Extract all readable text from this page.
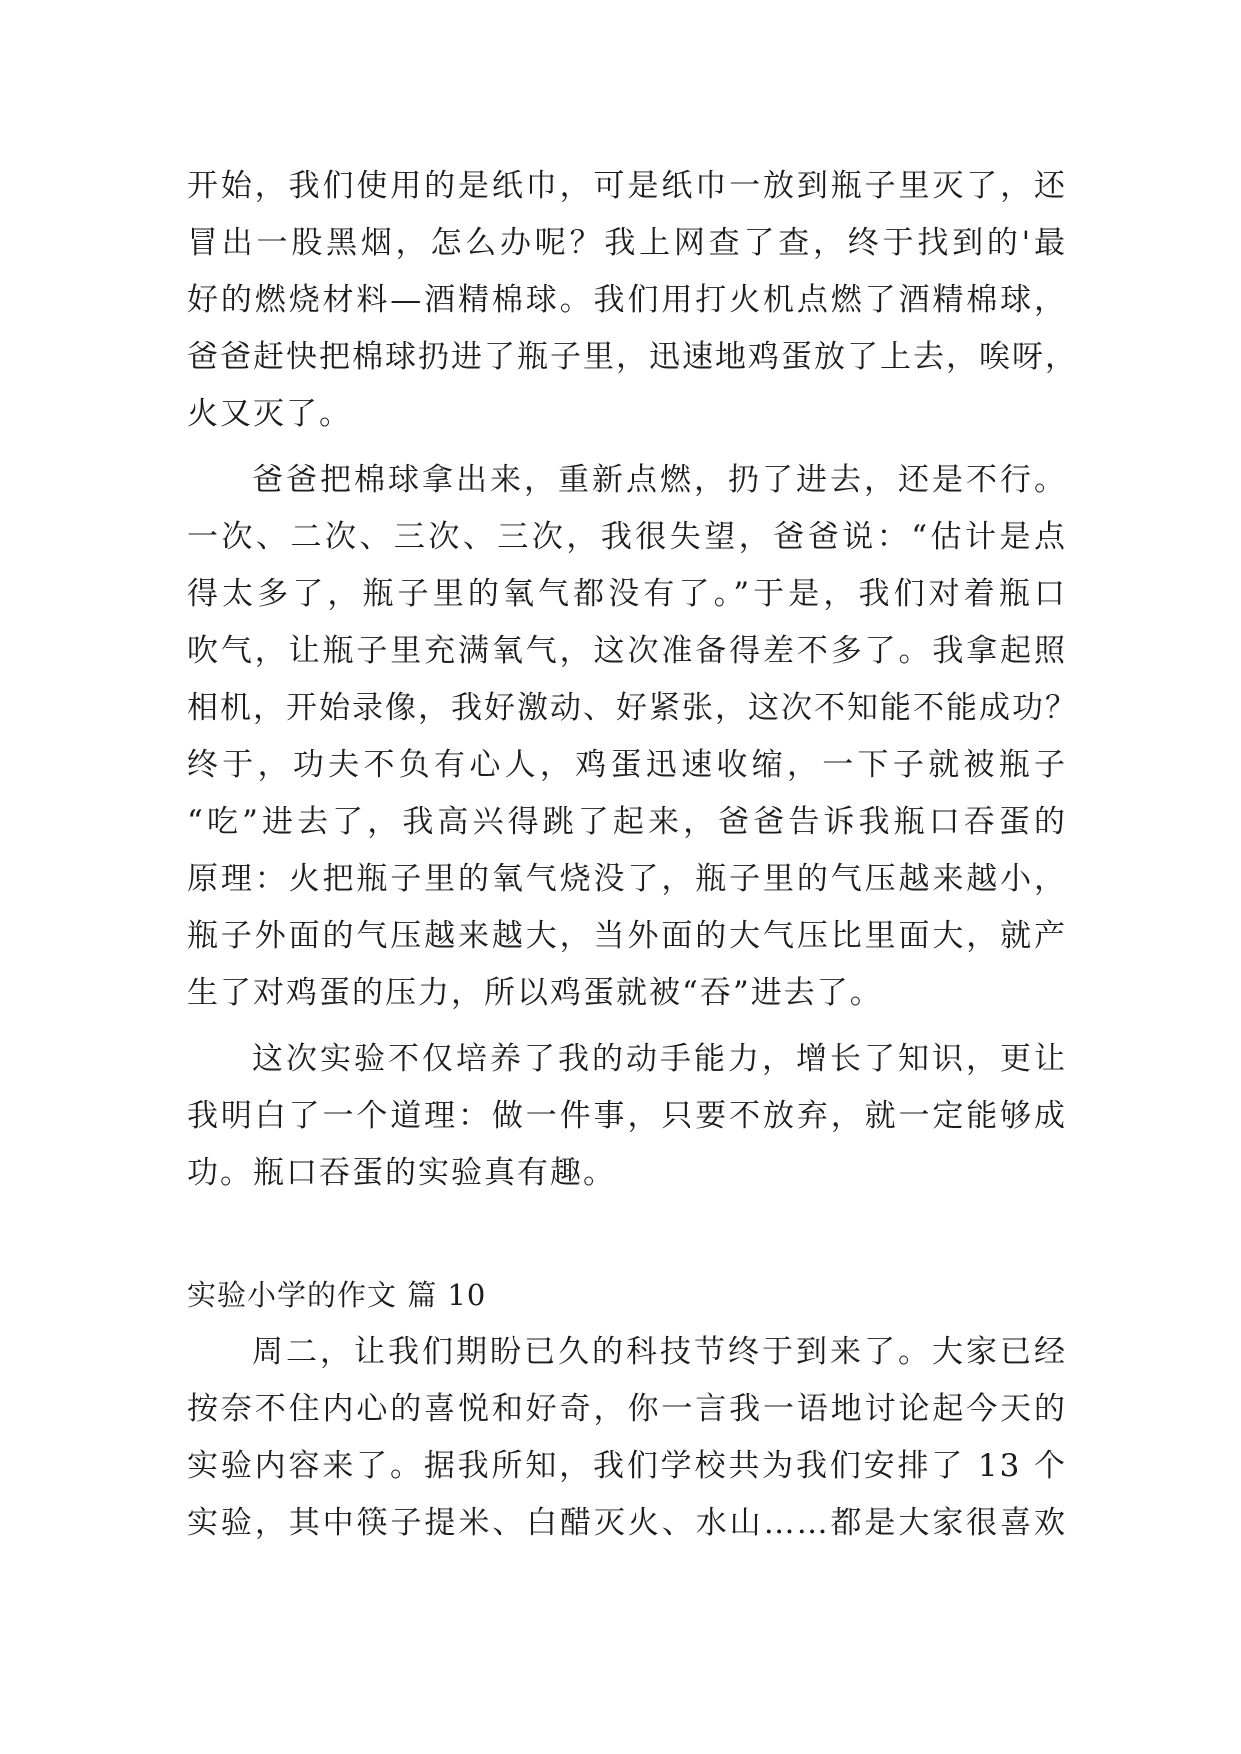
开始，我们使用的是纸巾，可是纸巾一放到瓶子里灭了，还
冒出一股黑烟，怎么办呢？我上网查了查，终于找到的'最
好的燃烧材料—酒精棉球。我们用打火机点燃了酒精棉球，
爸爸赶快把棉球扔进了瓶子里，迅速地鸡蛋放了上去，唉呀，
火又灭了。
爸爸把棉球拿出来，重新点燃，扔了进去，还是不行。
一次、二次、三次、三次，我很失望，爸爸说：“估计是点
得太多了，瓶子里的氧气都没有了。”于是，我们对着瓶口
吹气，让瓶子里充满氧气，这次准备得差不多了。我拿起照
相机，开始录像，我好激动、好紧张，这次不知能不能成功？
终于，功夫不负有心人，鸡蛋迅速收缩，一下子就被瓶子
“吃”进去了，我高兴得跳了起来，爸爸告诉我瓶口吞蛋的
原理：火把瓶子里的氧气烧没了，瓶子里的气压越来越小，
瓶子外面的气压越来越大，当外面的大气压比里面大，就产
生了对鸡蛋的压力，所以鸡蛋就被“吞”进去了。
这次实验不仅培养了我的动手能力，增长了知识，更让
我明白了一个道理：做一件事，只要不放弃，就一定能够成
功。瓶口吞蛋的实验真有趣。
实验小学的作文 篇 10
周二，让我们期盼已久的科技节终于到来了。大家已经
按奈不住内心的喜悦和好奇，你一言我一语地讨论起今天的
实验内容来了。据我所知，我们学校共为我们安排了 13 个
实验，其中筷子提米、白醋灭火、水山……都是大家很喜欢
